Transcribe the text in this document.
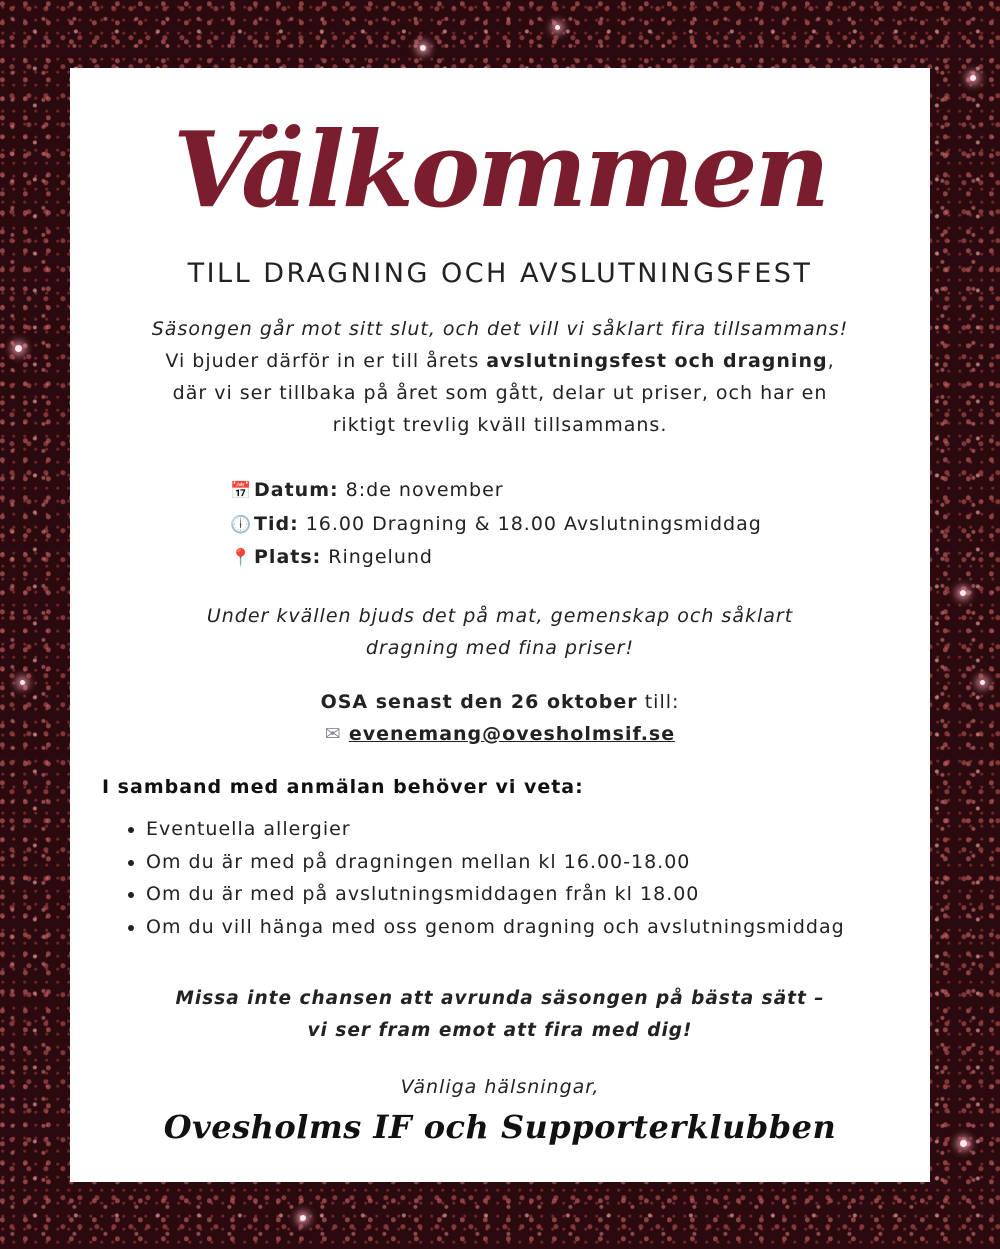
Välkommen
TILL DRAGNING OCH AVSLUTNINGSFEST
Säsongen går mot sitt slut, och det vill vi såklart fira tillsammans!
Vi bjuder därför in er till årets avslutningsfest och dragning,
där vi ser tillbaka på året som gått, delar ut priser, och har en
riktigt trevlig kväll tillsammans.
📅Datum: 8:de november
🕕Tid: 16.00 Dragning & 18.00 Avslutningsmiddag
📍Plats: Ringelund
Under kvällen bjuds det på mat, gemenskap och såklart
dragning med fina priser!
OSA senast den 26 oktober till:
✉ evenemang@ovesholmsif.se
I samband med anmälan behöver vi veta:
• Eventuella allergier
• Om du är med på dragningen mellan kl 16.00-18.00
• Om du är med på avslutningsmiddagen från kl 18.00
• Om du vill hänga med oss genom dragning och avslutningsmiddag
Missa inte chansen att avrunda säsongen på bästa sätt –
vi ser fram emot att fira med dig!
Vänliga hälsningar,
Ovesholms IF och Supporterklubben
